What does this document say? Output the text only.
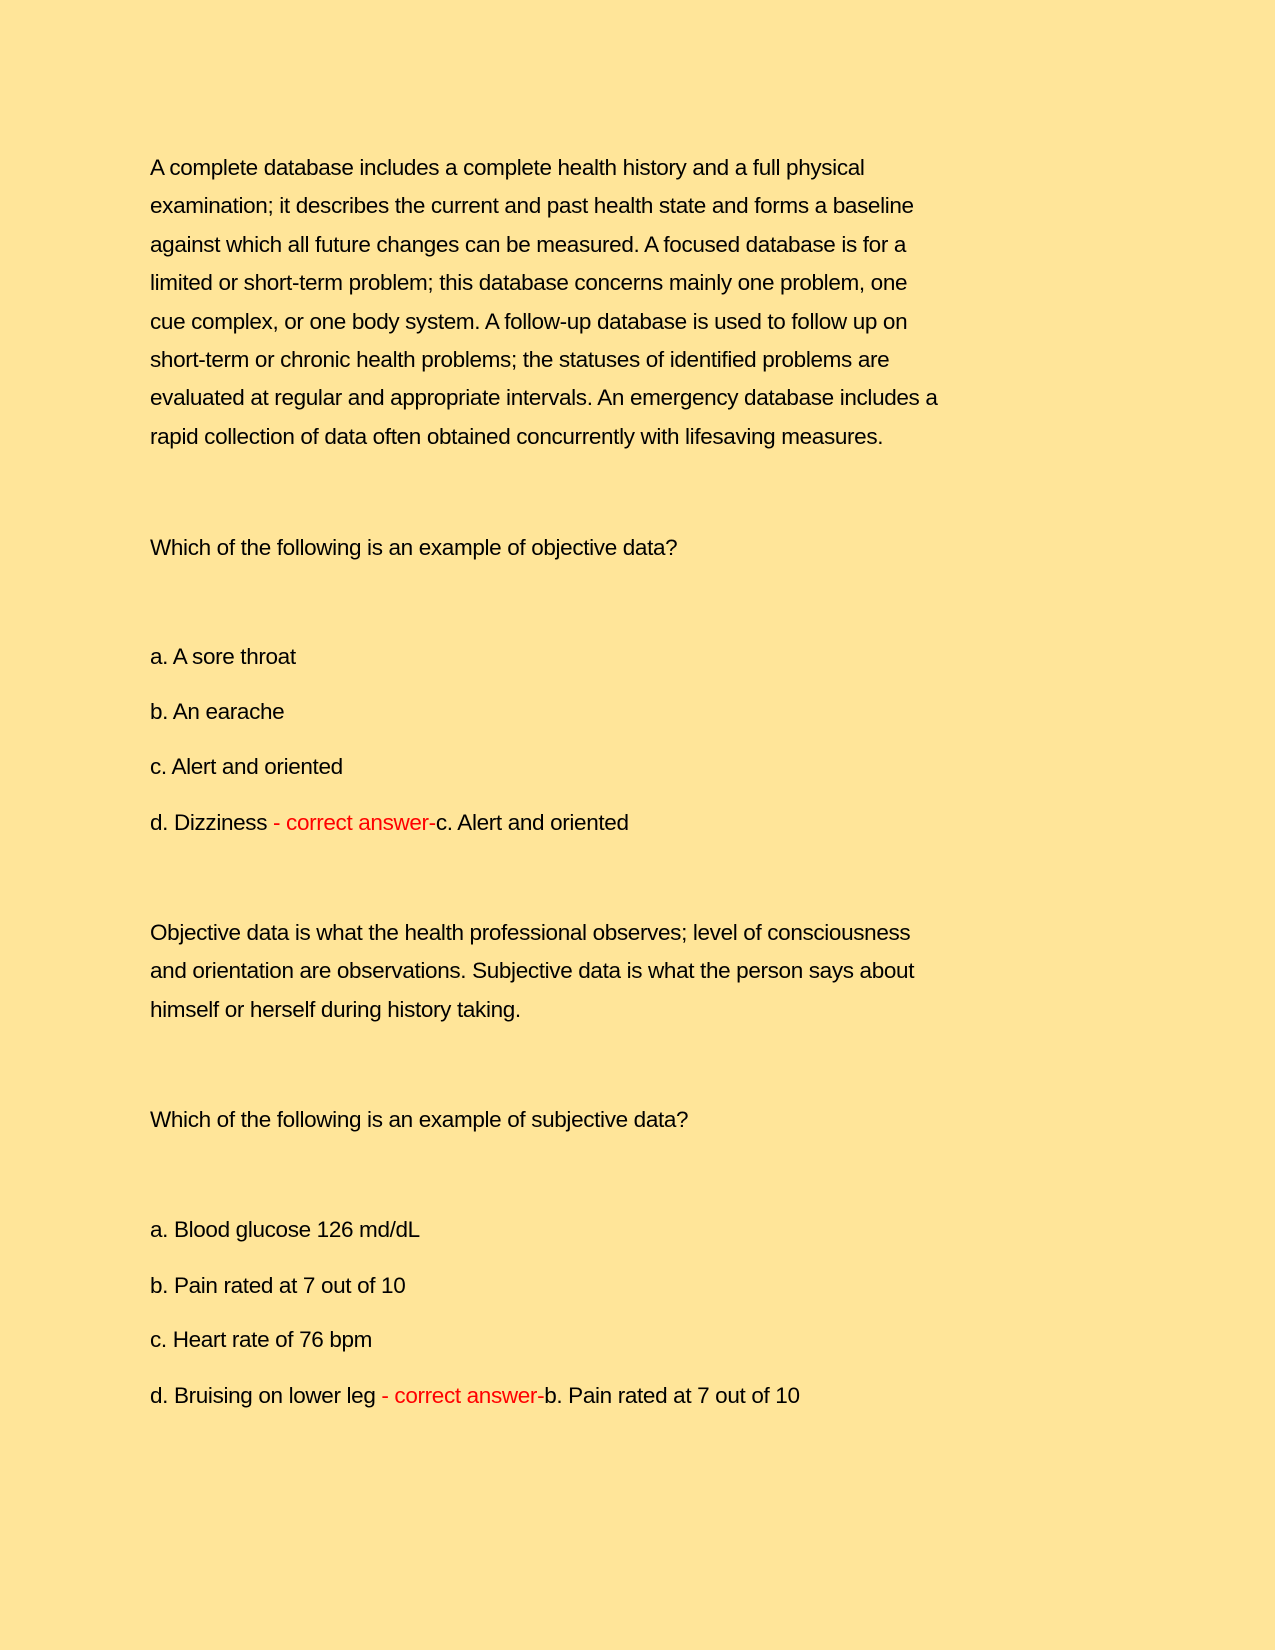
A complete database includes a complete health history and a full physical
examination; it describes the current and past health state and forms a baseline
against which all future changes can be measured. A focused database is for a
limited or short-term problem; this database concerns mainly one problem, one
cue complex, or one body system. A follow-up database is used to follow up on
short-term or chronic health problems; the statuses of identified problems are
evaluated at regular and appropriate intervals. An emergency database includes a
rapid collection of data often obtained concurrently with lifesaving measures.
Which of the following is an example of objective data?
a. A sore throat
b. An earache
c. Alert and oriented
d. Dizziness - correct answer-c. Alert and oriented
Objective data is what the health professional observes; level of consciousness
and orientation are observations. Subjective data is what the person says about
himself or herself during history taking.
Which of the following is an example of subjective data?
a. Blood glucose 126 md/dL
b. Pain rated at 7 out of 10
c. Heart rate of 76 bpm
d. Bruising on lower leg - correct answer-b. Pain rated at 7 out of 10
